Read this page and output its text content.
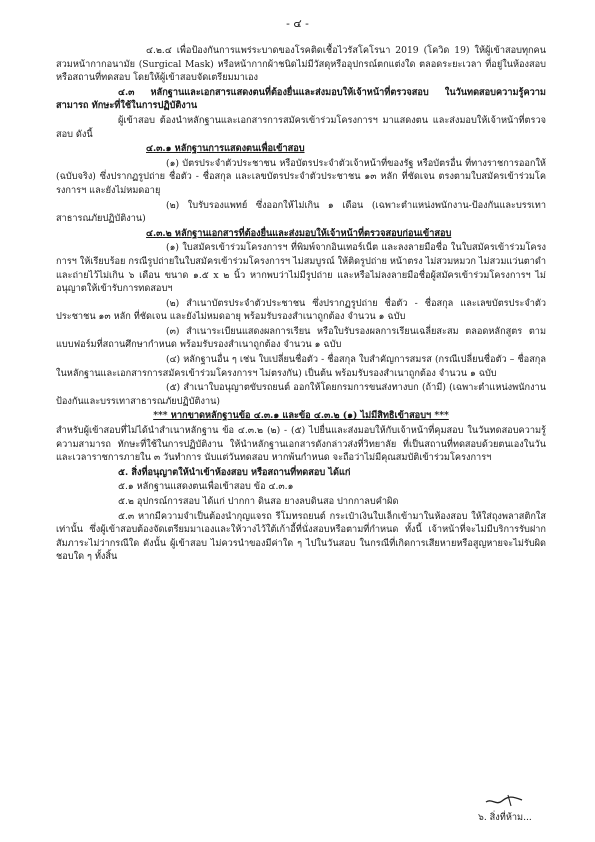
- ๔ -

๔.๒.๔ เพื่อป้องกันการแพร่ระบาดของโรคติดเชื้อไวรัสโคโรนา 2019 (โควิด 19) ให้ผู้เข้าสอบทุกคนสวมหน้ากากอนามัย (Surgical Mask) หรือหน้ากากผ้าชนิดไม่มีวัสดุหรืออุปกรณ์ตกแต่งใด ตลอดระยะเวลา ที่อยู่ในห้องสอบหรือสถานที่ทดสอบ โดยให้ผู้เข้าสอบจัดเตรียมมาเอง

๔.๓ หลักฐานและเอกสารแสดงตนที่ต้องยื่นและส่งมอบให้เจ้าหน้าที่ตรวจสอบ ในวันทดสอบความรู้ความสามารถ ทักษะที่ใช้ในการปฏิบัติงาน

ผู้เข้าสอบ ต้องนำหลักฐานและเอกสารการสมัครเข้าร่วมโครงการฯ มาแสดงตน และส่งมอบให้เจ้าหน้าที่ตรวจสอบ ดังนี้

๔.๓.๑ หลักฐานการแสดงตนเพื่อเข้าสอบ

(๑) บัตรประจำตัวประชาชน หรือบัตรประจำตัวเจ้าหน้าที่ของรัฐ หรือบัตรอื่น ที่ทางราชการออกให้ (ฉบับจริง) ซึ่งปรากฏรูปถ่าย ชื่อตัว - ชื่อสกุล และเลขบัตรประจำตัวประชาชน ๑๓ หลัก ที่ชัดเจน ตรงตามใบสมัครเข้าร่วมโครงการฯ และยังไม่หมดอายุ

(๒) ใบรับรองแพทย์ ซึ่งออกให้ไม่เกิน ๑ เดือน (เฉพาะตำแหน่งพนักงาน-ป้องกันและบรรเทาสาธารณภัยปฏิบัติงาน)

๔.๓.๒ หลักฐานเอกสารที่ต้องยื่นและส่งมอบให้เจ้าหน้าที่ตรวจสอบก่อนเข้าสอบ

(๑) ใบสมัครเข้าร่วมโครงการฯ ที่พิมพ์จากอินเทอร์เน็ต และลงลายมือชื่อ ในใบสมัครเข้าร่วมโครงการฯ ให้เรียบร้อย กรณีรูปถ่ายในใบสมัครเข้าร่วมโครงการฯ ไม่สมบูรณ์ ให้ติดรูปถ่าย หน้าตรง ไม่สวมหมวก ไม่สวมแว่นตาดำ และถ่ายไว้ไม่เกิน ๖ เดือน ขนาด ๑.๕ x ๒ นิ้ว หากพบว่าไม่มีรูปถ่าย และหรือไม่ลงลายมือชื่อผู้สมัครเข้าร่วมโครงการฯ ไม่อนุญาตให้เข้ารับการทดสอบฯ

(๒) สำเนาบัตรประจำตัวประชาชน ซึ่งปรากฏรูปถ่าย ชื่อตัว - ชื่อสกุล และเลขบัตรประจำตัวประชาชน ๑๓ หลัก ที่ชัดเจน และยังไม่หมดอายุ พร้อมรับรองสำเนาถูกต้อง จำนวน ๑ ฉบับ

(๓) สำเนาระเบียนแสดงผลการเรียน หรือใบรับรองผลการเรียนเฉลี่ยสะสม ตลอดหลักสูตร ตามแบบฟอร์มที่สถานศึกษากำหนด พร้อมรับรองสำเนาถูกต้อง จำนวน ๑ ฉบับ

(๔) หลักฐานอื่น ๆ เช่น ใบเปลี่ยนชื่อตัว - ชื่อสกุล ใบสำคัญการสมรส (กรณีเปลี่ยนชื่อตัว – ชื่อสกุล ในหลักฐานและเอกสารการสมัครเข้าร่วมโครงการฯ ไม่ตรงกัน) เป็นต้น พร้อมรับรองสำเนาถูกต้อง จำนวน ๑ ฉบับ

(๕) สำเนาใบอนุญาตขับรถยนต์ ออกให้โดยกรมการขนส่งทางบก (ถ้ามี) (เฉพาะตำแหน่งพนักงานป้องกันและบรรเทาสาธารณภัยปฏิบัติงาน)

*** หากขาดหลักฐานข้อ ๔.๓.๑ และข้อ ๔.๓.๒ (๑) ไม่มีสิทธิเข้าสอบฯ ***

สำหรับผู้เข้าสอบที่ไม่ได้นำสำเนาหลักฐาน ข้อ ๔.๓.๒ (๒) - (๕) ไปยื่นและส่งมอบให้กับเจ้าหน้าที่คุมสอบ ในวันทดสอบความรู้ความสามารถ ทักษะที่ใช้ในการปฏิบัติงาน ให้นำหลักฐานเอกสารดังกล่าวส่งที่วิทยาลัย ที่เป็นสถานที่ทดสอบด้วยตนเองในวันและเวลาราชการภายใน ๓ วันทำการ นับแต่วันทดสอบ หากพ้นกำหนด จะถือว่าไม่มีคุณสมบัติเข้าร่วมโครงการฯ

๕. สิ่งที่อนุญาตให้นำเข้าห้องสอบ หรือสถานที่ทดสอบ ได้แก่

๕.๑ หลักฐานแสดงตนเพื่อเข้าสอบ ข้อ ๔.๓.๑

๕.๒ อุปกรณ์การสอบ ได้แก่ ปากกา ดินสอ ยางลบดินสอ ปากกาลบคำผิด

๕.๓ หากมีความจำเป็นต้องนำกุญแจรถ รีโมทรถยนต์ กระเป๋าเงินใบเล็กเข้ามาในห้องสอบ ให้ใส่ถุงพลาสติกใสเท่านั้น ซึ่งผู้เข้าสอบต้องจัดเตรียมมาเองและให้วางไว้ใต้เก้าอี้ที่นั่งสอบหรือตามที่กำหนด ทั้งนี้ เจ้าหน้าที่จะไม่มีบริการรับฝากสัมภาระไม่ว่ากรณีใด ดังนั้น ผู้เข้าสอบ ไม่ควรนำของมีค่าใด ๆ ไปในวันสอบ ในกรณีที่เกิดการเสียหายหรือสูญหายจะไม่รับผิดชอบใด ๆ ทั้งสิ้น

๖. สิ่งที่ห้าม...
